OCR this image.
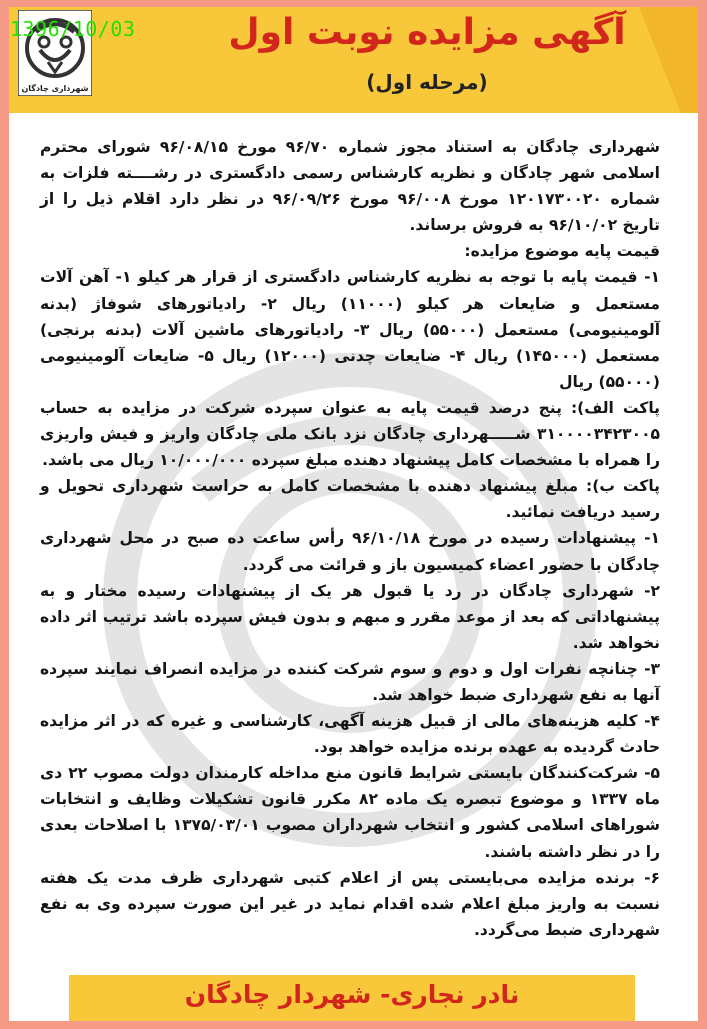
شهرداری چادگان
1396/10/03	آگهی مزایده نوبت اول
(مرحله اول)

شهرداری چادگان به استناد مجوز شماره ۹۶/۷۰ مورخ ۹۶/۰۸/۱۵ شورای محترم اسلامی شهر چادگان و نظریه کارشناس رسمی دادگستری در رشــــته فلزات به شماره ۱۲۰۱۷۳۰۰۲۰ مورخ ۹۶/۰۰۸ مورخ ۹۶/۰۹/۲۶ در نظر دارد اقلام ذیل را از تاریخ ۹۶/۱۰/۰۲ به فروش برساند.

قیمت پایه موضوع مزایده:

۱- قیمت پایه با توجه به نظریه کارشناس دادگستری از قرار هر کیلو ۱- آهن آلات مستعمل و ضایعات هر کیلو (۱۱۰۰۰) ریال ۲- رادیاتورهای شوفاژ (بدنه آلومینیومی) مستعمل (۵۵۰۰۰) ریال ۳- رادیاتورهای ماشین آلات (بدنه برنجی) مستعمل (۱۴۵۰۰۰) ریال ۴- ضایعات چدنی (۱۲۰۰۰) ریال ۵- ضایعات آلومینیومی (۵۵۰۰۰) ریال

پاکت الف): پنج درصد قیمت پایه به عنوان سپرده شرکت در مزایده به حساب ۳۱۰۰۰۰۳۴۲۳۰۰۵ شـــــهرداری چادگان نزد بانک ملی چادگان واریز و فیش واریزی را همراه با مشخصات کامل پیشنهاد دهنده مبلغ سپرده ۱۰/۰۰۰/۰۰۰ ریال می باشد.

پاکت ب): مبلغ پیشنهاد دهنده با مشخصات کامل به حراست شهرداری تحویل و رسید دریافت نمائید.

۱- پیشنهادات رسیده در مورخ ۹۶/۱۰/۱۸ رأس ساعت ده صبح در محل شهرداری چادگان با حضور اعضاء کمیسیون باز و قرائت می گردد.

۲- شهرداری چادگان در رد یا قبول هر یک از پیشنهادات رسیده مختار و به پیشنهاداتی که بعد از موعد مقرر و مبهم و بدون فیش سپرده باشد ترتیب اثر داده نخواهد شد.

۳- چنانچه نفرات اول و دوم و سوم شرکت کننده در مزایده انصراف نمایند سپرده آنها به نفع شهرداری ضبط خواهد شد.

۴- کلیه هزینه‌های مالی از قبیل هزینه آگهی، کارشناسی و غیره که در اثر مزایده حادث گردیده به عهده برنده مزایده خواهد بود.

۵- شرکت‌کنندگان بایستی شرایط قانون منع مداخله کارمندان دولت مصوب ۲۲ دی ماه ۱۳۳۷ و موضوع تبصره یک ماده ۸۲ مکرر قانون تشکیلات وظایف و انتخابات شوراهای اسلامی کشور و انتخاب شهرداران مصوب ۱۳۷۵/۰۳/۰۱ با اصلاحات بعدی را در نظر داشته باشند.

۶- برنده مزایده می‌بایستی پس از اعلام کتبی شهرداری ظرف مدت یک هفته نسبت به واریز مبلغ اعلام شده اقدام نماید در غیر این صورت سپرده وی به نفع شهرداری ضبط می‌گردد.

نادر نجاری- شهردار چادگان
